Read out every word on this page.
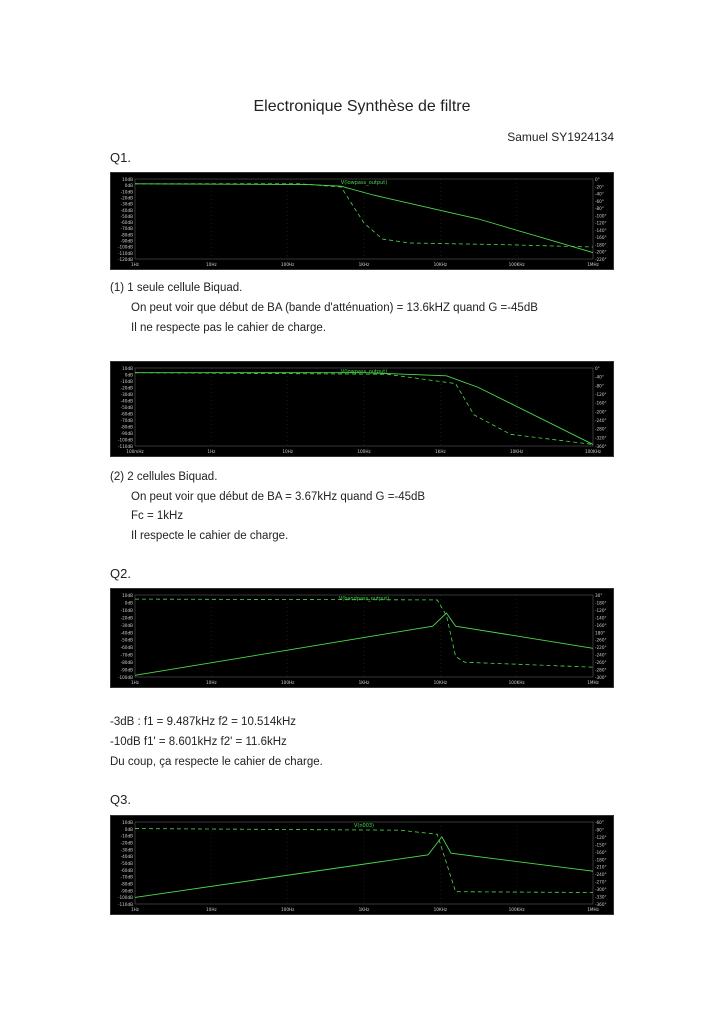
Electronique Synthèse de filtre
Samuel SY1924134
Q1.
10dB
0dB
-10dB
-20dB
-30dB
-40dB
-50dB
-60dB
-70dB
-80dB
-90dB
-100dB
-110dB
-120dB
0°
-20°
-40°
-60°
-80°
-100°
-120°
-140°
-160°
-180°
-200°
-220°
1Hz	10Hz	100Hz	1KHz	10KHz	100KHz	1MHz
V(lowpass_output)
(1) 1 seule cellule Biquad.
On peut voir que début de BA (bande d'atténuation) = 13.6kHZ quand G =-45dB
Il ne respecte pas le cahier de charge.
10dB
0dB
-10dB
-20dB
-30dB
-40dB
-50dB
-60dB
-70dB
-80dB
-90dB
-100dB
-110dB
0°
-40°
-80°
-120°
-160°
-200°
-240°
-280°
-320°
-360°
100mHz	1Hz	10Hz	100Hz	1KHz	10KHz	100KHz
V(lowpass_output)
(2) 2 cellules Biquad.
On peut voir que début de BA = 3.67kHz quand G =-45dB
Fc = 1kHz
Il respecte le cahier de charge.
Q2.
10dB
0dB
-10dB
-20dB
-30dB
-40dB
-50dB
-60dB
-70dB
-80dB
-90dB
-100dB
30°
-180°
-120°
-140°
-160°
180°
-260°
-220°
-240°
-260°
-280°
-300°
1Hz	10Hz	100Hz	1KHz	10KHz	100KHz	1MHz
V(bandpass_output)
-3dB : f1 = 9.487kHz f2 = 10.514kHz
-10dB f1' = 8.601kHz f2' = 11.6kHz
Du coup, ça respecte le cahier de charge.
Q3.
10dB
0dB
-10dB
-20dB
-30dB
-40dB
-50dB
-60dB
-70dB
-80dB
-90dB
-100dB
-110dB
-60°
-90°
-120°
-150°
-160°
-180°
-210°
-240°
-270°
-300°
-330°
-360°
1Hz	10Hz	100Hz	1KHz	10KHz	100KHz	1MHz
V(n003)
